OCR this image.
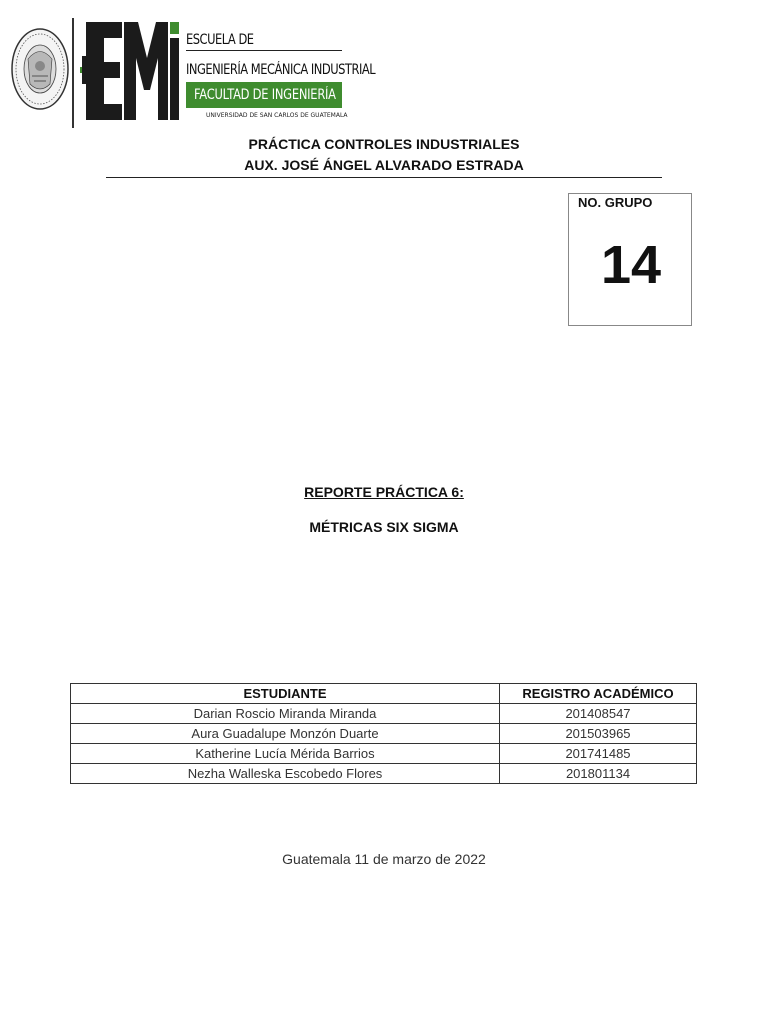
ESCUELA DE
INGENIERÍA MECÁNICA INDUSTRIAL
FACULTAD DE INGENIERÍA
UNIVERSIDAD DE SAN CARLOS DE GUATEMALA
PRÁCTICA CONTROLES INDUSTRIALES
AUX. JOSÉ ÁNGEL ALVARADO ESTRADA
NO. GRUPO
14
REPORTE PRÁCTICA 6:
MÉTRICAS SIX SIGMA
ESTUDIANTE	REGISTRO ACADÉMICO
Darian Roscio Miranda Miranda	201408547
Aura Guadalupe Monzón Duarte	201503965
Katherine Lucía Mérida Barrios	201741485
Nezha Walleska Escobedo Flores	201801134
Guatemala 11 de marzo de 2022
